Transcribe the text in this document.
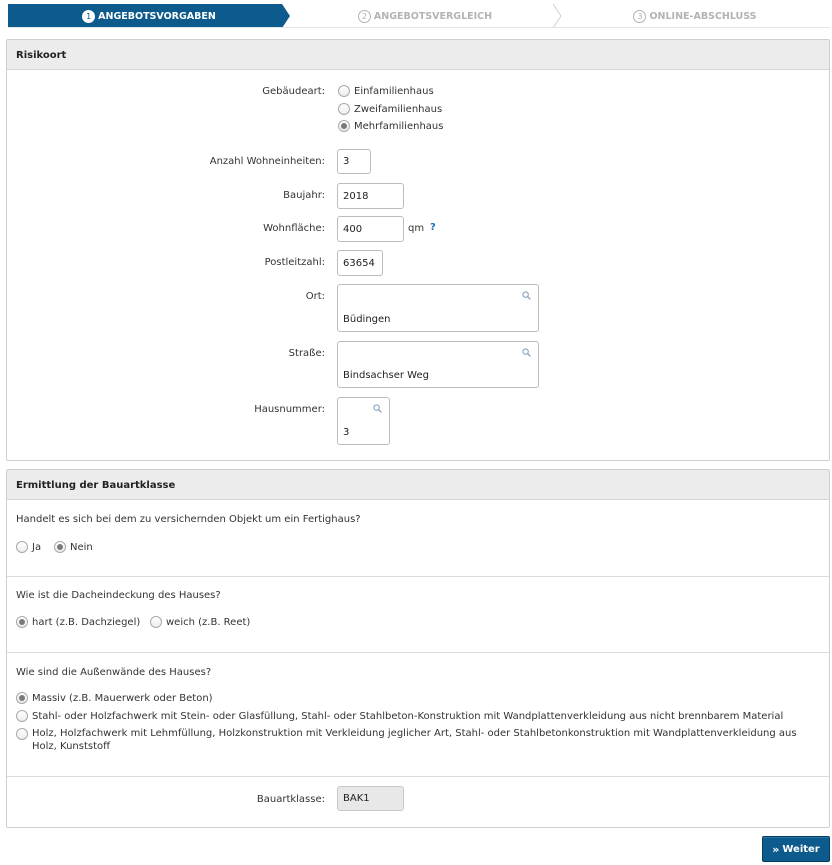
1 ANGEBOTSVORGABEN	2 ANGEBOTSVERGLEICH	3 ONLINE-ABSCHLUSS
Risikoort
Gebäudeart:	Einfamilienhaus
Zweifamilienhaus
Mehrfamilienhaus
Anzahl Wohneinheiten:	3
Baujahr:	2018
Wohnfläche:	400	qm ?
Postleitzahl:	63654
Ort:
Büdingen
Straße:
Bindsachser Weg
Hausnummer:
3
Ermittlung der Bauartklasse
Handelt es sich bei dem zu versichernden Objekt um ein Fertighaus?
Ja	Nein
Wie ist die Dacheindeckung des Hauses?
hart (z.B. Dachziegel)	weich (z.B. Reet)
Wie sind die Außenwände des Hauses?
Massiv (z.B. Mauerwerk oder Beton)
Stahl- oder Holzfachwerk mit Stein- oder Glasfüllung, Stahl- oder Stahlbeton-Konstruktion mit Wandplattenverkleidung aus nicht brennbarem Material
Holz, Holzfachwerk mit Lehmfüllung, Holzkonstruktion mit Verkleidung jeglicher Art, Stahl- oder Stahlbetonkonstruktion mit Wandplattenverkleidung aus Holz, Kunststoff
Bauartklasse:	BAK1
» Weiter
